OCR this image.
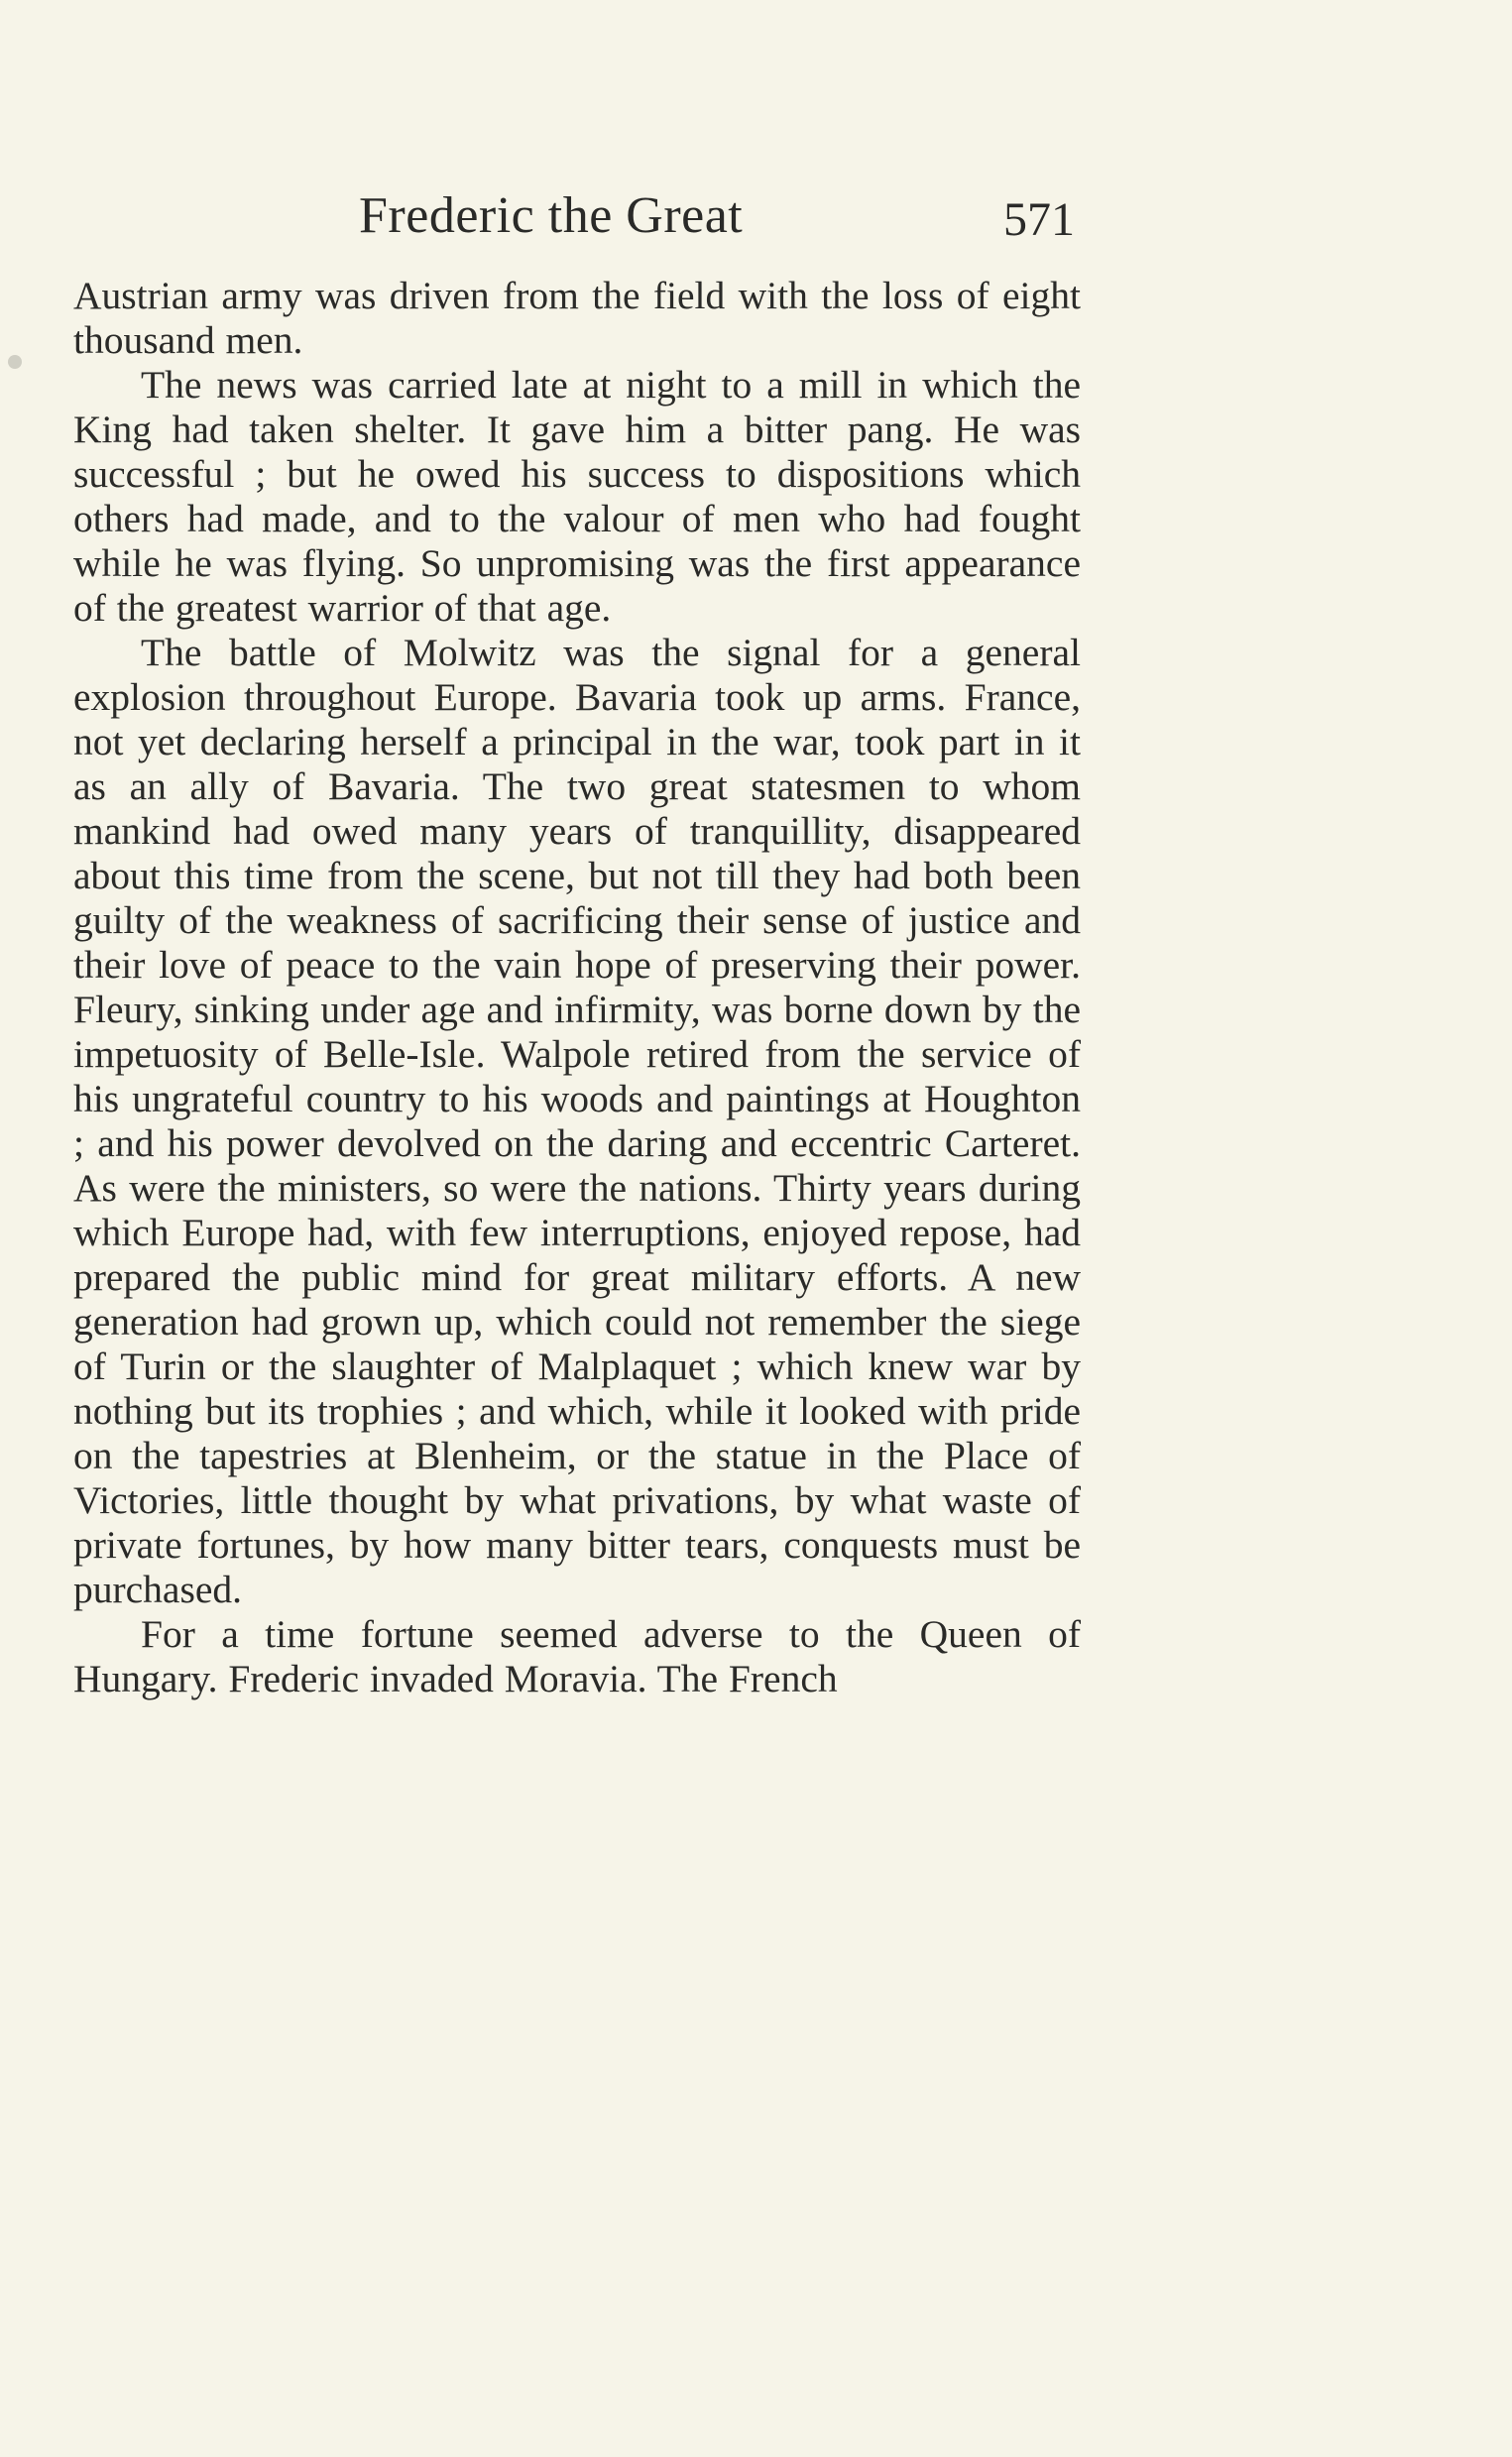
Frederic the Great	571

Austrian army was driven from the field with the loss of eight thousand men.

The news was carried late at night to a mill in which the King had taken shelter. It gave him a bitter pang. He was successful ; but he owed his success to dispositions which others had made, and to the valour of men who had fought while he was flying. So unpromising was the first appearance of the greatest warrior of that age.

The battle of Molwitz was the signal for a general explosion throughout Europe. Bavaria took up arms. France, not yet declaring herself a principal in the war, took part in it as an ally of Bavaria. The two great statesmen to whom mankind had owed many years of tranquillity, disappeared about this time from the scene, but not till they had both been guilty of the weakness of sacrificing their sense of justice and their love of peace to the vain hope of preserving their power. Fleury, sinking under age and infirmity, was borne down by the impetuosity of Belle-Isle. Walpole retired from the service of his ungrateful country to his woods and paintings at Houghton ; and his power devolved on the daring and eccentric Carteret. As were the ministers, so were the nations. Thirty years during which Europe had, with few interruptions, enjoyed repose, had prepared the public mind for great military efforts. A new generation had grown up, which could not remember the siege of Turin or the slaughter of Malplaquet ; which knew war by nothing but its trophies ; and which, while it looked with pride on the tapestries at Blenheim, or the statue in the Place of Victories, little thought by what privations, by what waste of private fortunes, by how many bitter tears, conquests must be purchased.

For a time fortune seemed adverse to the Queen of Hungary. Frederic invaded Moravia. The French
